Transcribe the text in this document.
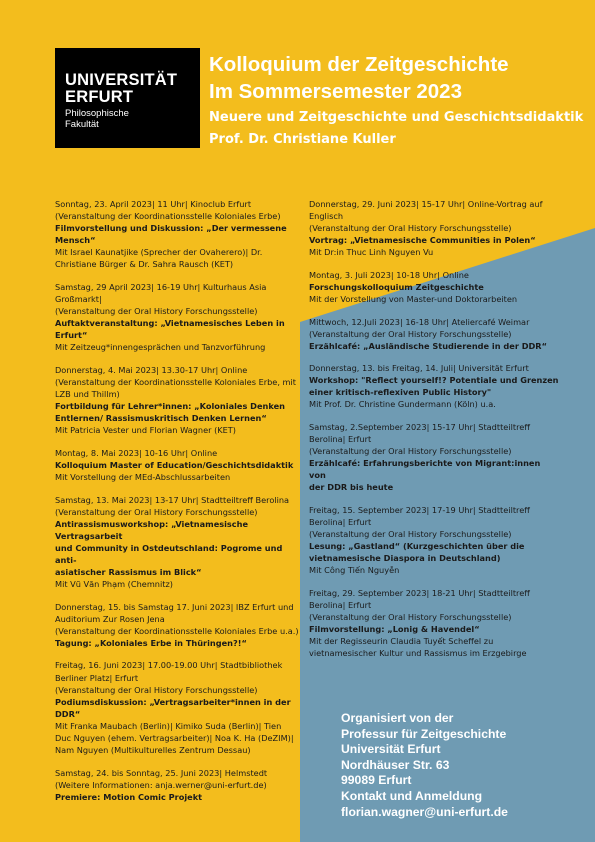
UNIVERSITÄT
ERFURT
Philosophische
Fakultät
Kolloquium der Zeitgeschichte
Im Sommersemester 2023
Neuere und Zeitgeschichte und Geschichtsdidaktik
Prof. Dr. Christiane Kuller

Sonntag, 23. April 2023| 11 Uhr| Kinoclub Erfurt

(Veranstaltung der Koordinationsstelle Koloniales Erbe)

Filmvorstellung und Diskussion: „Der vermessene Mensch“

Mit Israel Kaunatjike (Sprecher der Ovaherero)| Dr.

Christiane Bürger & Dr. Sahra Rausch (KET)

Samstag, 29 April 2023| 16-19 Uhr| Kulturhaus Asia

Großmarkt|

(Veranstaltung der Oral History Forschungsstelle)

Auftaktveranstaltung: „Vietnamesisches Leben in Erfurt“

Mit Zeitzeug*innengesprächen und Tanzvorführung

Donnerstag, 4. Mai 2023| 13.30-17 Uhr| Online

(Veranstaltung der Koordinationsstelle Koloniales Erbe, mit

LZB und Thillm)

Fortbildung für Lehrer*innen: „Koloniales Denken

Entlernen/ Rassismuskritisch Denken Lernen“

Mit Patricia Vester und Florian Wagner (KET)

Montag, 8. Mai 2023| 10-16 Uhr| Online

Kolloquium Master of Education/Geschichtsdidaktik

Mit Vorstellung der MEd-Abschlussarbeiten

Samstag, 13. Mai 2023| 13-17 Uhr| Stadtteiltreff Berolina

(Veranstaltung der Oral History Forschungsstelle)

Antirassismusworkshop: „Vietnamesische Vertragsarbeit

und Community in Ostdeutschland: Pogrome und anti-

asiatischer Rassismus im Blick“

Mit Vũ Văn Phạm (Chemnitz)

Donnerstag, 15. bis Samstag 17. Juni 2023| IBZ Erfurt und

Auditorium Zur Rosen Jena

(Veranstaltung der Koordinationsstelle Koloniales Erbe u.a.)

Tagung: „Koloniales Erbe in Thüringen?!“

Freitag, 16. Juni 2023| 17.00-19.00 Uhr| Stadtbibliothek

Berliner Platz| Erfurt

(Veranstaltung der Oral History Forschungsstelle)

Podiumsdiskussion: „Vertragsarbeiter*innen in der DDR“

Mit Franka Maubach (Berlin)| Kimiko Suda (Berlin)| Tien

Duc Nguyen (ehem. Vertragsarbeiter)| Noa K. Ha (DeZIM)|

Nam Nguyen (Multikulturelles Zentrum Dessau)

Samstag, 24. bis Sonntag, 25. Juni 2023| Helmstedt

(Weitere Informationen: anja.werner@uni-erfurt.de)

Premiere: Motion Comic Projekt

Donnerstag, 29. Juni 2023| 15-17 Uhr| Online-Vortrag auf

Englisch

(Veranstaltung der Oral History Forschungsstelle)

Vortrag: „Vietnamesische Communities in Polen“

Mit Dr:in Thuc Linh Nguyen Vu

Montag, 3. Juli 2023| 10-18 Uhr| Online

Forschungskolloquium Zeitgeschichte

Mit der Vorstellung von Master-und Doktorarbeiten

Mittwoch, 12.Juli 2023| 16-18 Uhr| Ateliercafé Weimar

(Veranstaltung der Oral History Forschungsstelle)

Erzählcafé: „Ausländische Studierende in der DDR“

Donnerstag, 13. bis Freitag, 14. Juli| Universität Erfurt

Workshop: "Reflect yourself!? Potentiale und Grenzen

einer kritisch-reflexiven Public History"

Mit Prof. Dr. Christine Gundermann (Köln) u.a.

Samstag, 2.September 2023| 15-17 Uhr| Stadtteiltreff

Berolina| Erfurt

(Veranstaltung der Oral History Forschungsstelle)

Erzählcafé: Erfahrungsberichte von Migrant:innen von

der DDR bis heute

Freitag, 15. September 2023| 17-19 Uhr| Stadtteiltreff

Berolina| Erfurt

(Veranstaltung der Oral History Forschungsstelle)

Lesung: „Gastland“ (Kurzgeschichten über die

vietnamesische Diaspora in Deutschland)

Mit Công Tiến Nguyễn

Freitag, 29. September 2023| 18-21 Uhr| Stadtteiltreff

Berolina| Erfurt

(Veranstaltung der Oral History Forschungsstelle)

Filmvorstellung: „Lonig & Havendel“

Mit der Regisseurin Claudia Tuyết Scheffel zu

vietnamesischer Kultur und Rassismus im Erzgebirge

Organisiert von der

Professur für Zeitgeschichte

Universität Erfurt

Nordhäuser Str. 63

99089 Erfurt

Kontakt und Anmeldung

florian.wagner@uni-erfurt.de
